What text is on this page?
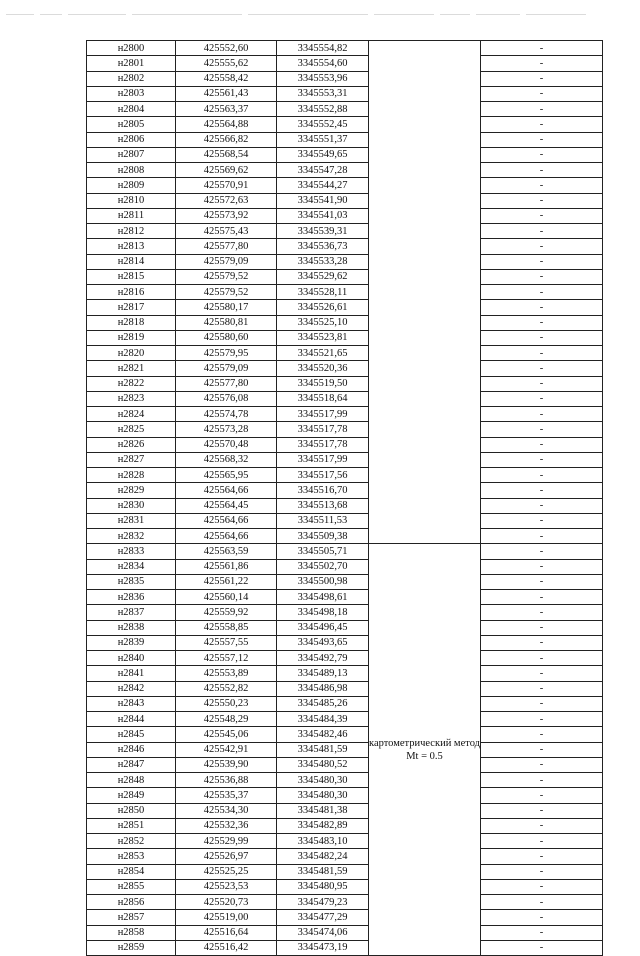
н2800	425552,60	3345554,82		-
н2801	425555,62	3345554,60		-
н2802	425558,42	3345553,96		-
н2803	425561,43	3345553,31		-
н2804	425563,37	3345552,88		-
н2805	425564,88	3345552,45		-
н2806	425566,82	3345551,37		-
н2807	425568,54	3345549,65		-
н2808	425569,62	3345547,28		-
н2809	425570,91	3345544,27		-
н2810	425572,63	3345541,90		-
н2811	425573,92	3345541,03		-
н2812	425575,43	3345539,31		-
н2813	425577,80	3345536,73		-
н2814	425579,09	3345533,28		-
н2815	425579,52	3345529,62		-
н2816	425579,52	3345528,11		-
н2817	425580,17	3345526,61		-
н2818	425580,81	3345525,10		-
н2819	425580,60	3345523,81		-
н2820	425579,95	3345521,65		-
н2821	425579,09	3345520,36		-
н2822	425577,80	3345519,50		-
н2823	425576,08	3345518,64		-
н2824	425574,78	3345517,99		-
н2825	425573,28	3345517,78		-
н2826	425570,48	3345517,78		-
н2827	425568,32	3345517,99		-
н2828	425565,95	3345517,56		-
н2829	425564,66	3345516,70		-
н2830	425564,45	3345513,68		-
н2831	425564,66	3345511,53		-
н2832	425564,66	3345509,38		-
н2833	425563,59	3345505,71	картометрический метод Mt = 0.5	-
н2834	425561,86	3345502,70		-
н2835	425561,22	3345500,98		-
н2836	425560,14	3345498,61		-
н2837	425559,92	3345498,18		-
н2838	425558,85	3345496,45		-
н2839	425557,55	3345493,65		-
н2840	425557,12	3345492,79		-
н2841	425553,89	3345489,13		-
н2842	425552,82	3345486,98		-
н2843	425550,23	3345485,26		-
н2844	425548,29	3345484,39		-
н2845	425545,06	3345482,46		-
н2846	425542,91	3345481,59		-
н2847	425539,90	3345480,52		-
н2848	425536,88	3345480,30		-
н2849	425535,37	3345480,30		-
н2850	425534,30	3345481,38		-
н2851	425532,36	3345482,89		-
н2852	425529,99	3345483,10		-
н2853	425526,97	3345482,24		-
н2854	425525,25	3345481,59		-
н2855	425523,53	3345480,95		-
н2856	425520,73	3345479,23		-
н2857	425519,00	3345477,29		-
н2858	425516,64	3345474,06		-
н2859	425516,42	3345473,19		-
